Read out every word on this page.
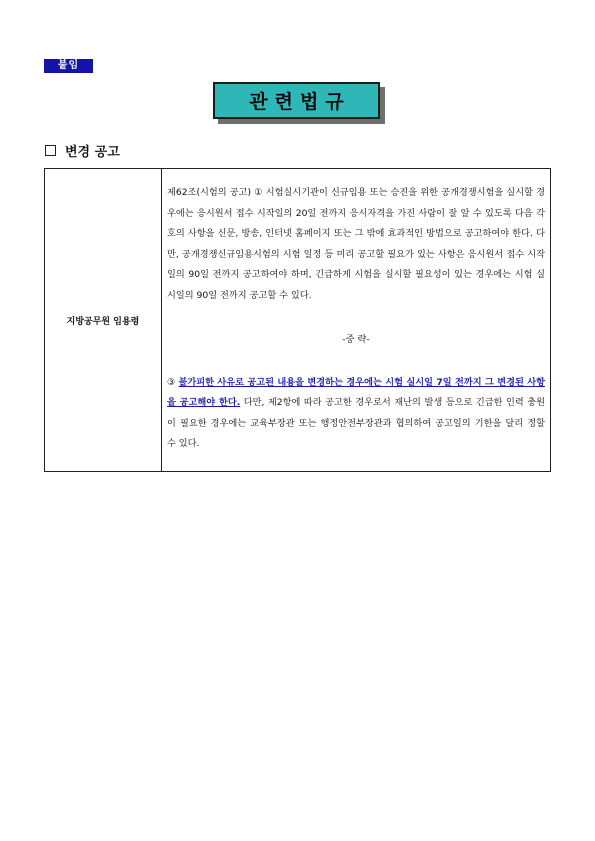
붙임
관련법규
변경 공고
지방공무원 임용령

제62조(시험의 공고) ① 시험실시기관이 신규임용 또는 승진을 위한 공개경쟁시험을 실시할 경우에는 응시원서 접수 시작일의 20일 전까지 응시자격을 가진 사람이 잘 알 수 있도록 다음 각 호의 사항을 신문, 방송, 인터넷 홈페이지 또는 그 밖에 효과적인 방법으로 공고하여야 한다. 다만, 공개경쟁신규임용시험의 시험 일정 등 미리 공고할 필요가 있는 사항은 응시원서 접수 시작일의 90일 전까지 공고하여야 하며, 긴급하게 시험을 실시할 필요성이 있는 경우에는 시험 실시일의 90일 전까지 공고할 수 있다.

-중 략-

③ 불가피한 사유로 공고된 내용을 변경하는 경우에는 시험 실시일 7일 전까지 그 변경된 사항을 공고해야 한다. 다만, 제2항에 따라 공고한 경우로서 재난의 발생 등으로 긴급한 인력 충원이 필요한 경우에는 교육부장관 또는 행정안전부장관과 협의하여 공고일의 기한을 달리 정할 수 있다.
